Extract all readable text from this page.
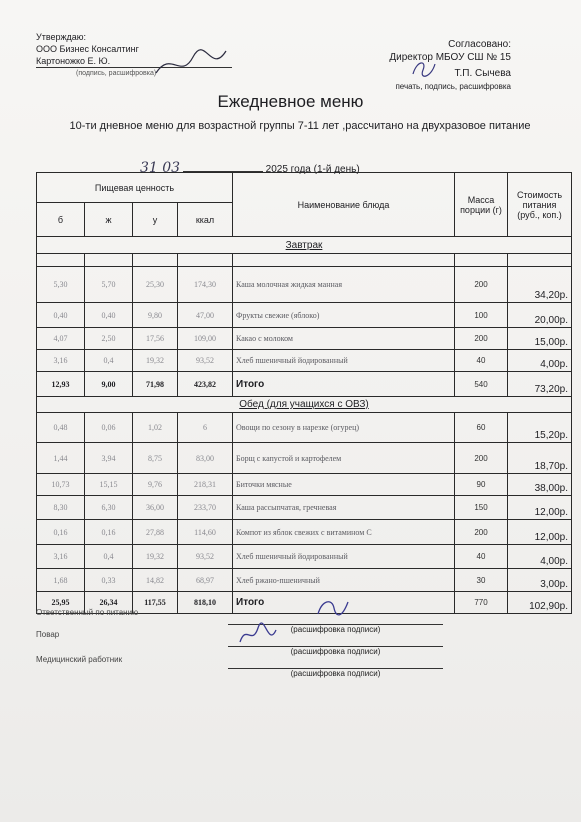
Утверждаю:
ООО Бизнес Консалтинг
Картоножко Е. Ю.
(подпись, расшифровка)
Согласовано:
Директор МБОУ СШ № 15
Т.П. Сычева
печать, подпись, расшифровка
Ежедневное меню
10-ти дневное меню для возрастной группы 7-11 лет ,рассчитано на двухразовое питание
31 03	2025 года (1-й день)
Пищевая ценность				Наименование блюда	Масса порции (г)	Стоимость питания (руб., коп.)
б	ж	у	ккал			
Завтрак						

5,30	5,70	25,30	174,30	Каша молочная жидкая манная	200	34,20р.
0,40	0,40	9,80	47,00	Фрукты свежие (яблоко)	100	20,00р.
4,07	2,50	17,56	109,00	Какао с молоком	200	15,00р.
3,16	0,4	19,32	93,52	Хлеб пшеничный йодированный	40	4,00р.
12,93	9,00	71,98	423,82	Итого	540	73,20р.
Обед (для учащихся с ОВЗ)						
0,48	0,06	1,02	6	Овощи по сезону в нарезке (огурец)	60	15,20р.
1,44	3,94	8,75	83,00	Борщ с капустой и картофелем	200	18,70р.
10,73	15,15	9,76	218,31	Биточки мясные	90	38,00р.
8,30	6,30	36,00	233,70	Каша рассыпчатая, гречневая	150	12,00р.
0,16	0,16	27,88	114,60	Компот из яблок свежих с витамином С	200	12,00р.
3,16	0,4	19,32	93,52	Хлеб пшеничный йодированный	40	4,00р.
1,68	0,33	14,82	68,97	Хлеб ржано-пшеничный	30	3,00р.
25,95	26,34	117,55	818,10	Итого	770	102,90р.
Ответственный по питанию
(расшифровка подписи)
Повар
(расшифровка подписи)
Медицинский работник
(расшифровка подписи)
